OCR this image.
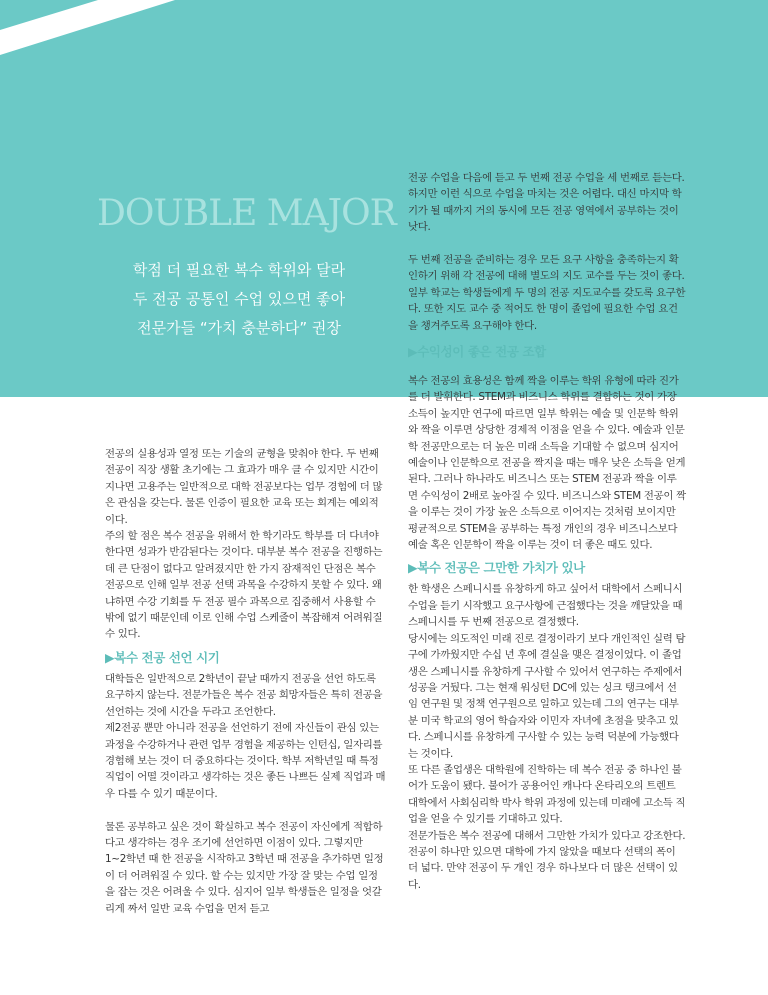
DOUBLE MAJOR
학점 더 필요한 복수 학위와 달라
두 전공 공통인 수업 있으면 좋아
전문가들 “가치 충분하다” 권장

전공의 실용성과 열정 또는 기술의 균형을 맞춰야 한다. 두 번째 전공이 직장 생활 초기에는 그 효과가 매우 클 수 있지만 시간이 지나면 고용주는 일반적으로 대학 전공보다는 업무 경험에 더 많은 관심을 갖는다. 물론 인증이 필요한 교육 또는 회계는 예외적이다.

주의 할 점은 복수 전공을 위해서 한 학기라도 학부를 더 다녀야 한다면 성과가 반감된다는 것이다. 대부분 복수 전공을 진행하는 데 큰 단점이 없다고 알려졌지만 한 가지 잠재적인 단점은 복수 전공으로 인해 일부 전공 선택 과목을 수강하지 못할 수 있다. 왜냐하면 수강 기회를 두 전공 필수 과목으로 집중해서 사용할 수 밖에 없기 때문인데 이로 인해 수업 스케줄이 복잡해져 어려워질 수 있다.

▶복수 전공 선언 시기

대학들은 일반적으로 2학년이 끝날 때까지 전공을 선언 하도록 요구하지 않는다. 전문가들은 복수 전공 희망자들은 특히 전공을 선언하는 것에 시간을 두라고 조언한다.

제2전공 뿐만 아니라 전공을 선언하기 전에 자신들이 관심 있는 과정을 수강하거나 관련 업무 경험을 제공하는 인턴십, 일자리를 경험해 보는 것이 더 중요하다는 것이다. 학부 저학년일 때 특정 직업이 어떨 것이라고 생각하는 것은 좋든 나쁘든 실제 직업과 매우 다를 수 있기 때문이다.

물론 공부하고 싶은 것이 확실하고 복수 전공이 자신에게 적합하다고 생각하는 경우 조기에 선언하면 이점이 있다. 그렇지만 1~2학년 때 한 전공을 시작하고 3학년 때 전공을 추가하면 일정이 더 어려워질 수 있다. 할 수는 있지만 가장 잘 맞는 수업 일정을 잡는 것은 어려울 수 있다. 심지어 일부 학생들은 일정을 엇갈리게 짜서 일반 교육 수업을 먼저 듣고

전공 수업을 다음에 듣고 두 번째 전공 수업을 세 번째로 듣는다. 하지만 이런 식으로 수업을 마치는 것은 어렵다. 대신 마지막 학기가 될 때까지 거의 동시에 모든 전공 영역에서 공부하는 것이 낫다.

두 번째 전공을 준비하는 경우 모든 요구 사항을 충족하는지 확인하기 위해 각 전공에 대해 별도의 지도 교수를 두는 것이 좋다. 일부 학교는 학생들에게 두 명의 전공 지도교수를 갖도록 요구한다. 또한 지도 교수 중 적어도 한 명이 졸업에 필요한 수업 요건을 챙겨주도록 요구해야 한다.

▶수익성이 좋은 전공 조합

복수 전공의 효용성은 함께 짝을 이루는 학위 유형에 따라 진가를 더 발휘한다. STEM과 비즈니스 학위를 결합하는 것이 가장 소득이 높지만 연구에 따르면 일부 학위는 예술 및 인문학 학위와 짝을 이루면 상당한 경제적 이점을 얻을 수 있다. 예술과 인문학 전공만으로는 더 높은 미래 소득을 기대할 수 없으며 심지어 예술이나 인문학으로 전공을 짝지을 때는 매우 낮은 소득을 얻게 된다. 그러나 하나라도 비즈니스 또는 STEM 전공과 짝을 이루면 수익성이 2배로 높아질 수 있다. 비즈니스와 STEM 전공이 짝을 이루는 것이 가장 높은 소득으로 이어지는 것처럼 보이지만 평균적으로 STEM을 공부하는 특정 개인의 경우 비즈니스보다 예술 혹은 인문학이 짝을 이루는 것이 더 좋은 때도 있다.

▶복수 전공은 그만한 가치가 있나

한 학생은 스페니시를 유창하게 하고 싶어서 대학에서 스페니시 수업을 듣기 시작했고 요구사항에 근접했다는 것을 깨달았을 때 스페니시를 두 번째 전공으로 결정했다.

당시에는 의도적인 미래 진로 결정이라기 보다 개인적인 실력 탐구에 가까웠지만 수십 년 후에 결실을 맺은 결정이었다. 이 졸업생은 스페니시를 유창하게 구사할 수 있어서 연구하는 주제에서 성공을 거뒀다. 그는 현재 워싱턴 DC에 있는 싱크 탱크에서 선임 연구원 및 정책 연구원으로 일하고 있는데 그의 연구는 대부분 미국 학교의 영어 학습자와 이민자 자녀에 초점을 맞추고 있다. 스페니시를 유창하게 구사할 수 있는 능력 덕분에 가능했다는 것이다.

또 다른 졸업생은 대학원에 진학하는 데 복수 전공 중 하나인 불어가 도움이 됐다. 불어가 공용어인 캐나다 온타리오의 트렌트 대학에서 사회심리학 박사 학위 과정에 있는데 미래에 고소득 직업을 얻을 수 있기를 기대하고 있다.

전문가들은 복수 전공에 대해서 그만한 가치가 있다고 강조한다. 전공이 하나만 있으면 대학에 가지 않았을 때보다 선택의 폭이 더 넓다. 만약 전공이 두 개인 경우 하나보다 더 많은 선택이 있다.
